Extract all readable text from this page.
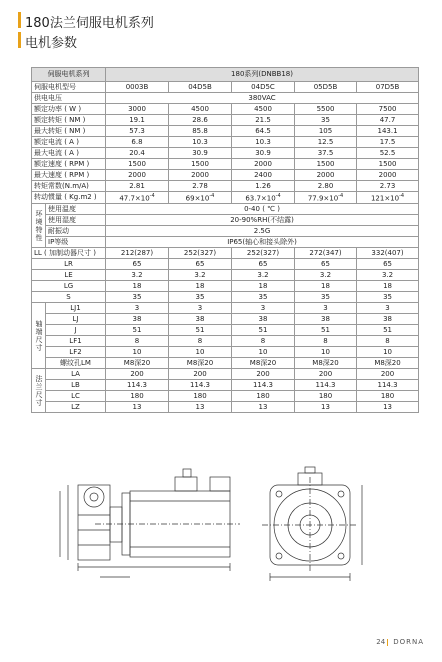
180法兰伺服电机系列
电机参数
伺服电机系列		180系列(DNBB18)				
伺服电机型号		0003B	04D5B	04D5C	05D5B	07D5B
供电电压		380VAC				
额定功率 ( W )		3000	4500	4500	5500	7500
额定转矩 ( NM )		19.1	28.6	21.5	35	47.7
最大转矩 ( NM )		57.3	85.8	64.5	105	143.1
额定电流 ( A )		6.8	10.3	10.3	12.5	17.5
最大电流 ( A )		20.4	30.9	30.9	37.5	52.5
额定速度 ( RPM )		1500	1500	2000	1500	1500
最大速度 ( RPM )		2000	2000	2400	2000	2000
转矩常数(N.m/A)		2.81	2.78	1.26	2.80	2.73
转动惯量 ( Kg.m2 )		$47.7\times 10^{-4}$	$69\times 10^{-4}$	$63.7\times 10^{-4}$	$77.9\times 10^{-4}$	$121\times 10^{-4}$
环境特性	使用温度	0-40 ( ℃ )				
	使用湿度	20-90%RH(不结露)				
	耐振动	2.5G				
	IP等级	IP65(轴心和接头除外)				
LL ( 加制动器尺寸 )		212(287)	252(327)	252(327)	272(347)	332(407)
LR		65	65	65	65	65
LE		3.2	3.2	3.2	3.2	3.2
LG		18	18	18	18	18
S		35	35	35	35	35
轴端尺寸	LJ1	3	3	3	3	3
	LJ	38	38	38	38	38
	J	51	51	51	51	51
	LF1	8	8	8	8	8
	LF2	10	10	10	10	10
	螺纹孔LM	M8深20	M8深20	M8深20	M8深20	M8深20
法兰尺寸	LA	200	200	200	200	200
	LB	114.3	114.3	114.3	114.3	114.3
	LC	180	180	180	180	180
	LZ	13	13	13	13	13
24 DORNA
